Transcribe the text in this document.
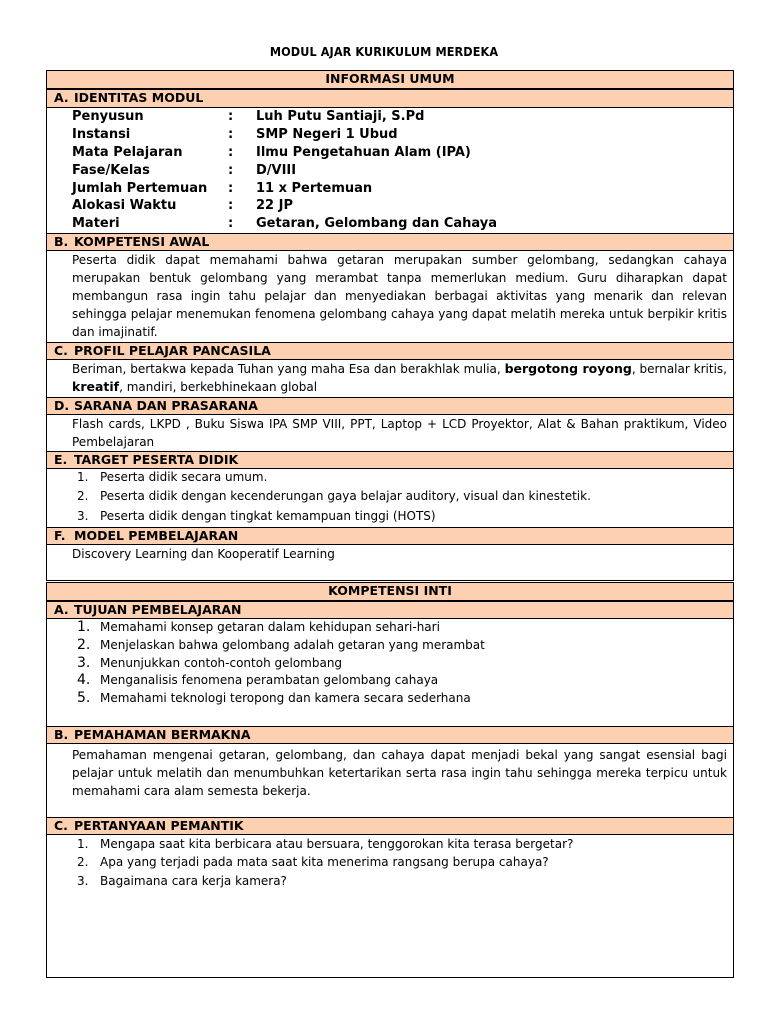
MODUL AJAR KURIKULUM MERDEKA
INFORMASI UMUM
A. IDENTITAS MODUL
Penyusun	: Luh Putu Santiaji, S.Pd
Instansi	: SMP Negeri 1 Ubud
Mata Pelajaran	: Ilmu Pengetahuan Alam (IPA)
Fase/Kelas	: D/VIII
Jumlah Pertemuan : 11 x Pertemuan
Alokasi Waktu	: 22 JP
Materi	: Getaran, Gelombang dan Cahaya
B. KOMPETENSI AWAL
Peserta didik dapat memahami bahwa getaran merupakan sumber gelombang, sedangkan cahaya merupakan bentuk gelombang yang merambat tanpa memerlukan medium. Guru diharapkan dapat membangun rasa ingin tahu pelajar dan menyediakan berbagai aktivitas yang menarik dan relevan sehingga pelajar menemukan fenomena gelombang cahaya yang dapat melatih mereka untuk berpikir kritis dan imajinatif.
C. PROFIL PELAJAR PANCASILA
Beriman, bertakwa kepada Tuhan yang maha Esa dan berakhlak mulia, bergotong royong, bernalar kritis, kreatif, mandiri, berkebhinekaan global
D. SARANA DAN PRASARANA
Flash cards, LKPD , Buku Siswa IPA SMP VIII, PPT, Laptop + LCD Proyektor, Alat & Bahan praktikum, Video Pembelajaran
E. TARGET PESERTA DIDIK
1. Peserta didik secara umum.
2. Peserta didik dengan kecenderungan gaya belajar auditory, visual dan kinestetik.
3. Peserta didik dengan tingkat kemampuan tinggi (HOTS)
F. MODEL PEMBELAJARAN
Discovery Learning dan Kooperatif Learning
KOMPETENSI INTI
A. TUJUAN PEMBELAJARAN
1. Memahami konsep getaran dalam kehidupan sehari-hari
2. Menjelaskan bahwa gelombang adalah getaran yang merambat
3. Menunjukkan contoh-contoh gelombang
4. Menganalisis fenomena perambatan gelombang cahaya
5. Memahami teknologi teropong dan kamera secara sederhana
B. PEMAHAMAN BERMAKNA
Pemahaman mengenai getaran, gelombang, dan cahaya dapat menjadi bekal yang sangat esensial bagi pelajar untuk melatih dan menumbuhkan ketertarikan serta rasa ingin tahu sehingga mereka terpicu untuk memahami cara alam semesta bekerja.
C. PERTANYAAN PEMANTIK
1. Mengapa saat kita berbicara atau bersuara, tenggorokan kita terasa bergetar?
2. Apa yang terjadi pada mata saat kita menerima rangsang berupa cahaya?
3. Bagaimana cara kerja kamera?
